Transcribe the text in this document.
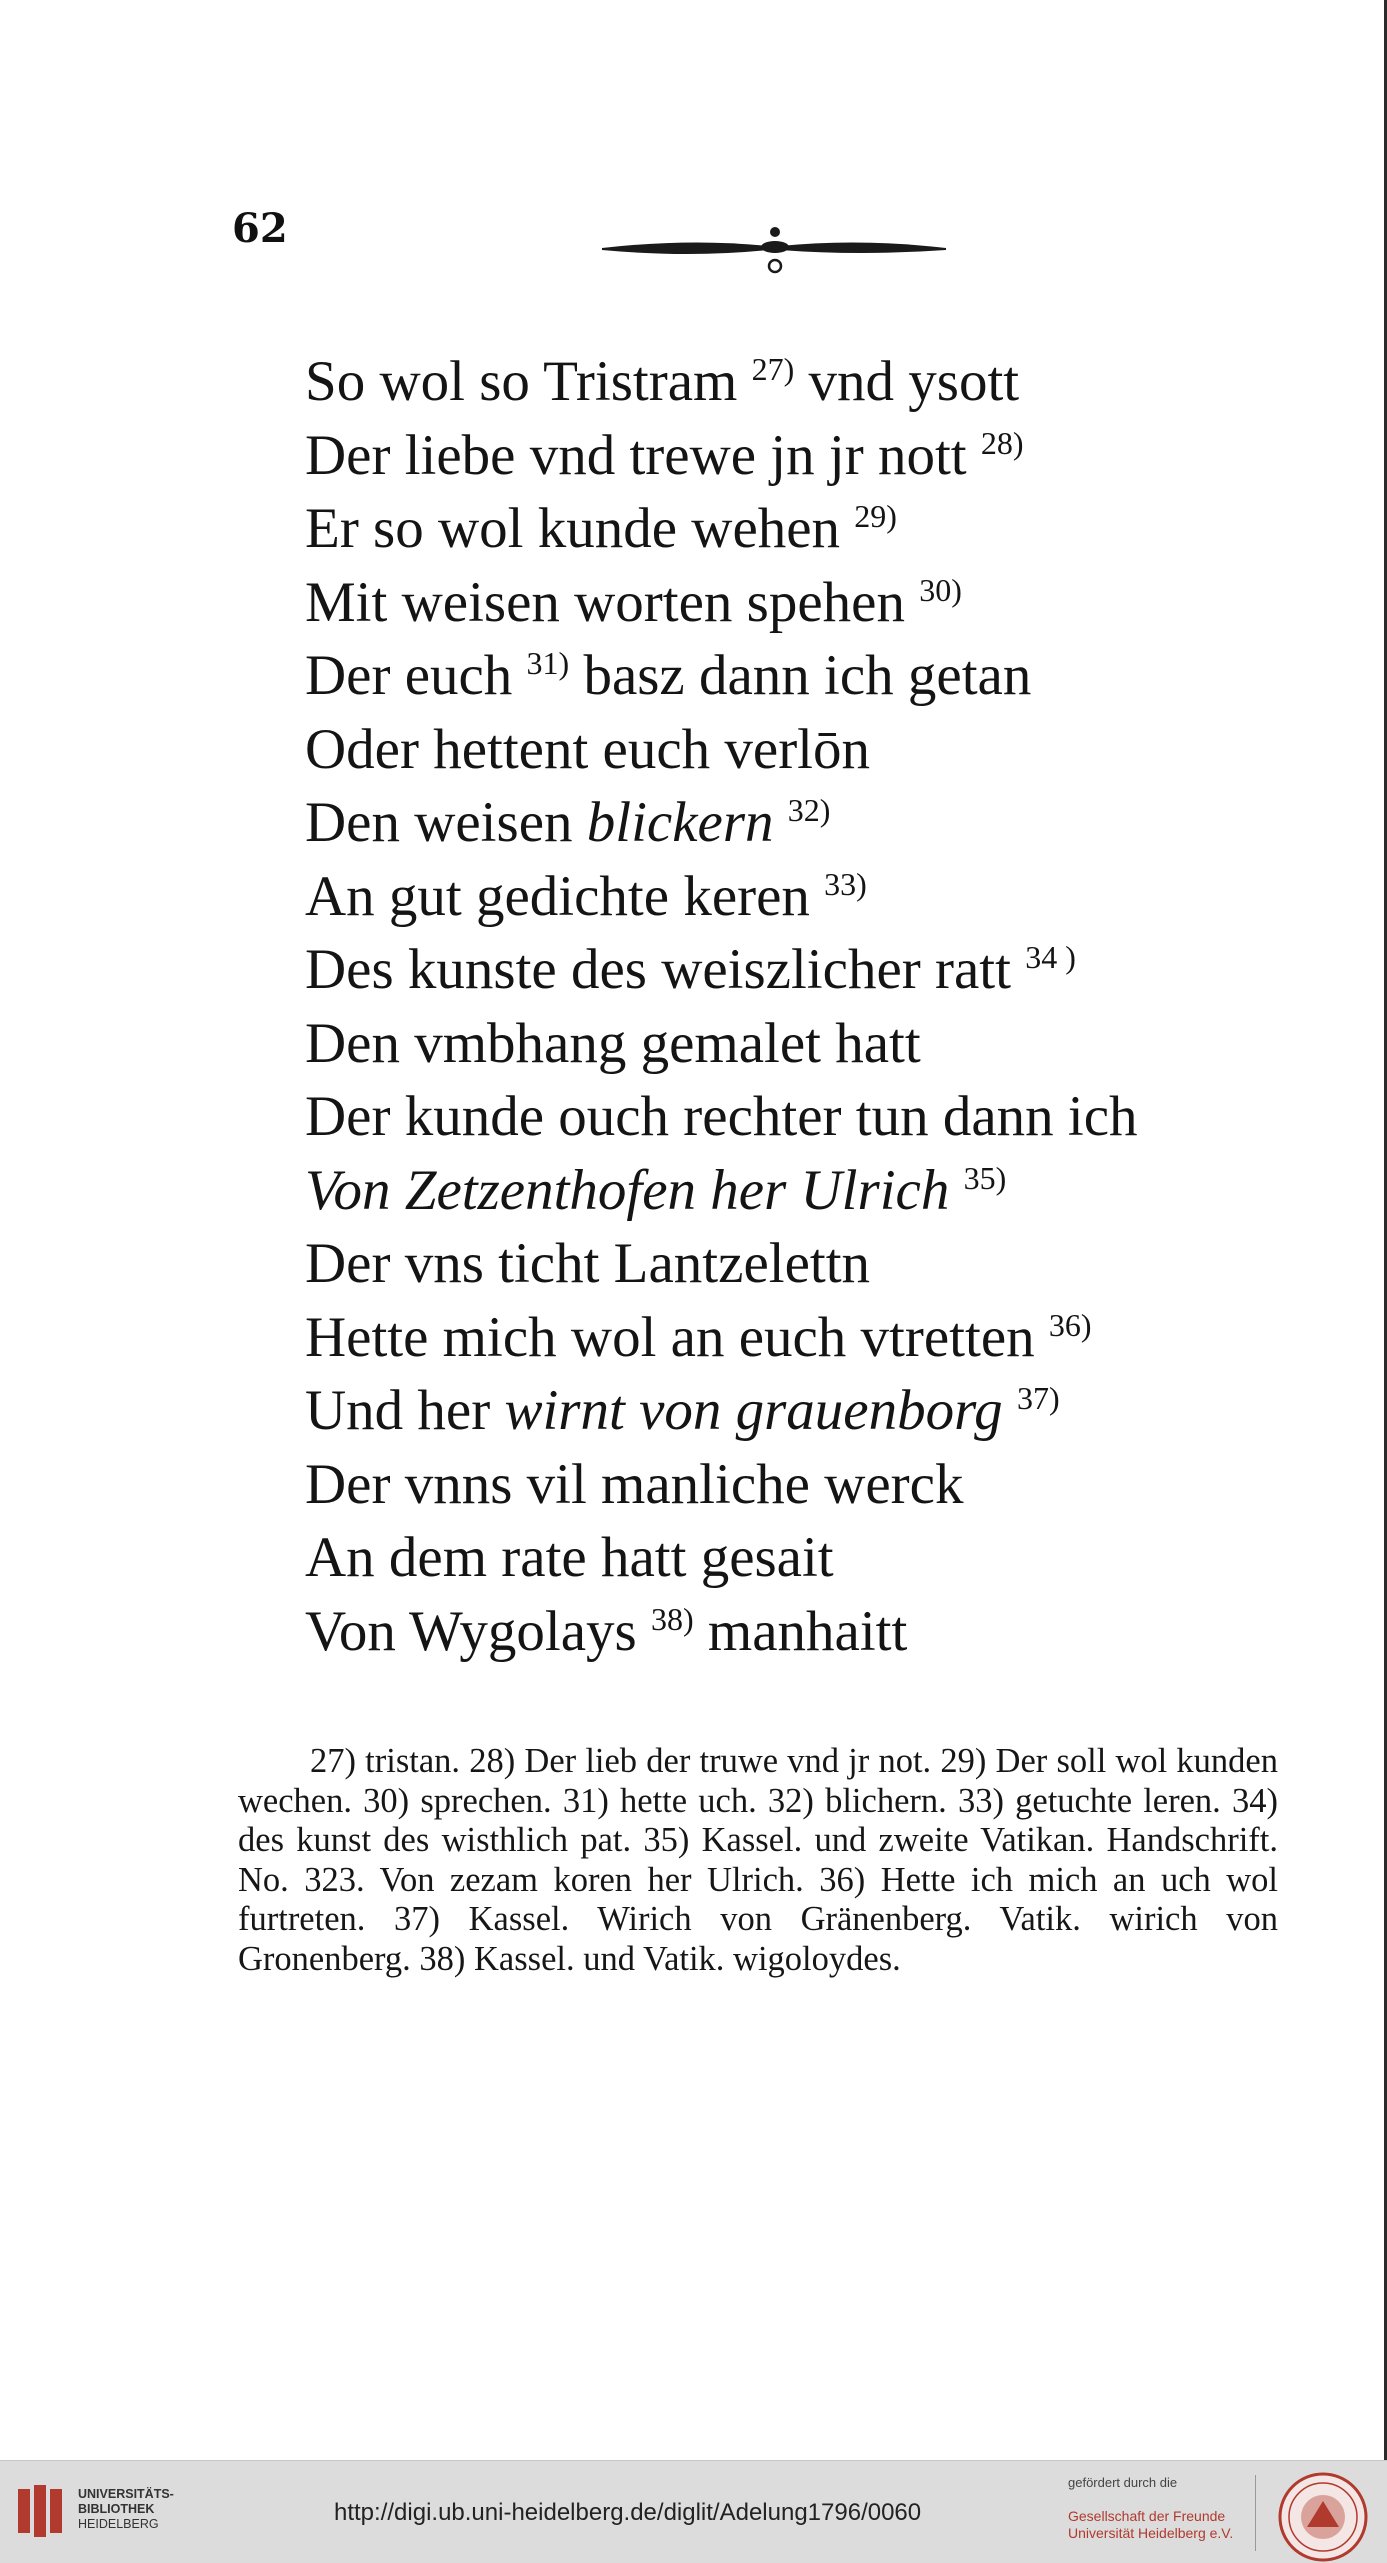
62
So wol so Tristram $^{27)}$ vnd ysott
Der liebe vnd trewe jn jr nott $^{28)}$
Er so wol kunde wehen $^{29)}$
Mit weisen worten spehen $^{30)}$
Der euch $^{31)}$ basz dann ich getan
Oder hettent euch verlōn
Den weisen blickern $^{32)}$
An gut gedichte keren $^{33)}$
Des kunste des weiszlicher ratt $^{34 )}$
Den vmbhang gemalet hatt
Der kunde ouch rechter tun dann ich
Von Zetzenthofen her Ulrich $^{35)}$
Der vns ticht Lantzelettn
Hette mich wol an euch vtretten $^{36)}$
Und her wirnt von grauenborg $^{37)}$
Der vnns vil manliche werck
An dem rate hatt gesait
Von Wygolays $^{38)}$ manhaitt

27) tristan. 28) Der lieb der truwe vnd jr not. 29) Der soll wol kunden wechen. 30) sprechen. 31) hette uch. 32) blichern. 33) getuchte leren. 34) des kunst des wisthlich pat. 35) Kassel. und zweite Vatikan. Handschrift. No. 323. Von zezam koren her Ulrich. 36) Hette ich mich an uch wol furtreten. 37) Kassel. Wirich von Gränenberg. Vatik. wirich von Gronenberg. 38) Kassel. und Vatik. wigoloydes.

UNIVERSITÄTS-
BIBLIOTHEK
HEIDELBERG	http://digi.ub.uni-heidelberg.de/diglit/Adelung1796/0060
gefördert durch die
Gesellschaft der Freunde
Universität Heidelberg e.V.
